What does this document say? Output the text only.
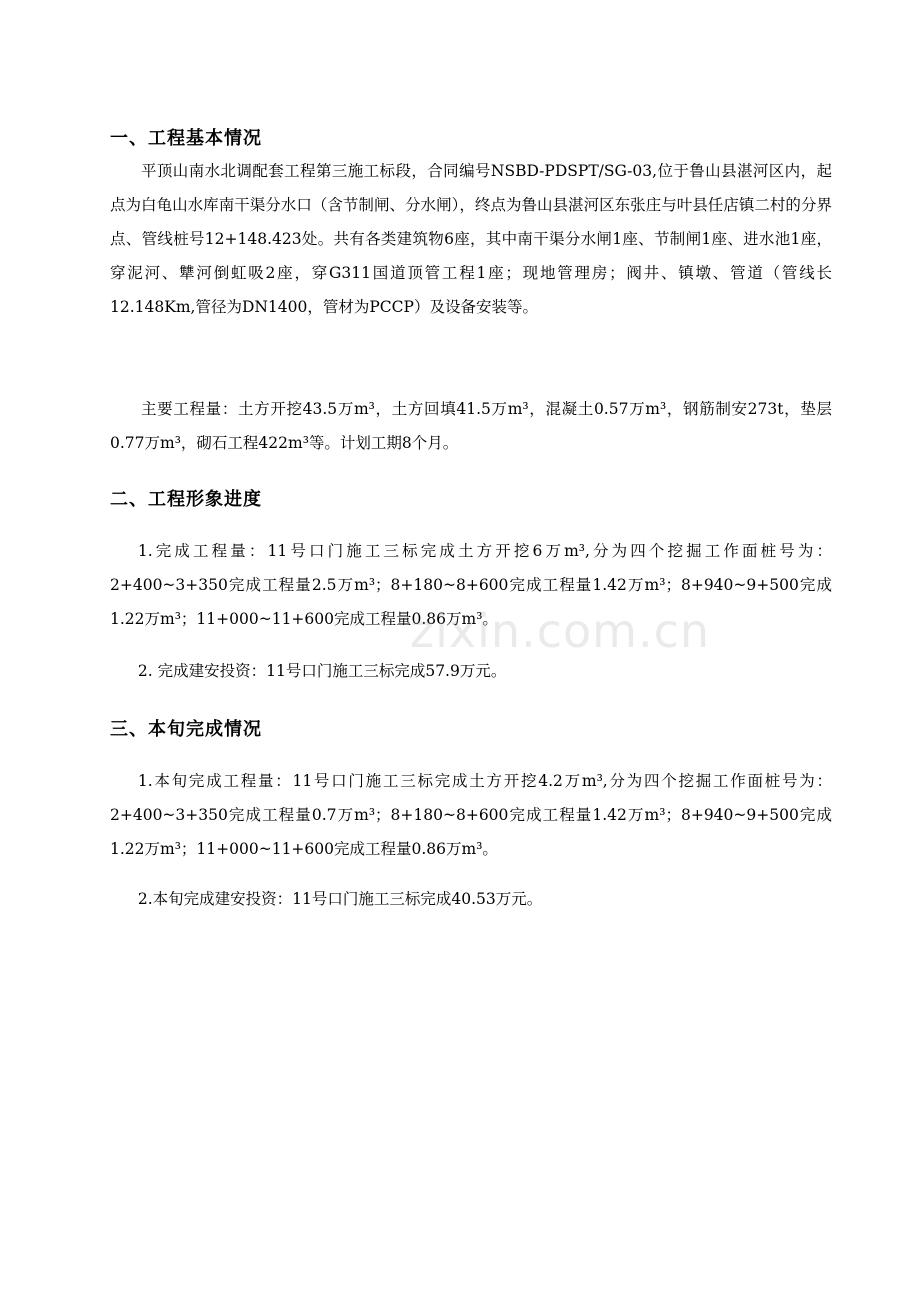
一、工程基本情况

平顶山南水北调配套工程第三施工标段，合同编号NSBD-PDSPT/SG-03,位于鲁山县湛河区内，起点为白龟山水库南干渠分水口（含节制闸、分水闸），终点为鲁山县湛河区东张庄与叶县任店镇二村的分界点、管线桩号12+148.423处。共有各类建筑物6座，其中南干渠分水闸1座、节制闸1座、进水池1座，穿泥河、犨河倒虹吸2座，穿G311国道顶管工程1座；现地管理房；阀井、镇墩、管道（管线长12.148Km,管径为DN1400，管材为PCCP）及设备安装等。

主要工程量：土方开挖43.5万m³，土方回填41.5万m³，混凝土0.57万m³，钢筋制安273t，垫层0.77万m³，砌石工程422m³等。计划工期8个月。

二、工程形象进度

1.完成工程量：11号口门施工三标完成土方开挖6万m³,分为四个挖掘工作面桩号为：2+400~3+350完成工程量2.5万m³；8+180~8+600完成工程量1.42万m³；8+940~9+500完成1.22万m³；11+000~11+600完成工程量0.86万m³。

2. 完成建安投资：11号口门施工三标完成57.9万元。

三、本旬完成情况

1.本旬完成工程量：11号口门施工三标完成土方开挖4.2万m³,分为四个挖掘工作面桩号为：2+400~3+350完成工程量0.7万m³；8+180~8+600完成工程量1.42万m³；8+940~9+500完成1.22万m³；11+000~11+600完成工程量0.86万m³。

2.本旬完成建安投资：11号口门施工三标完成40.53万元。

zixin.com.cn
